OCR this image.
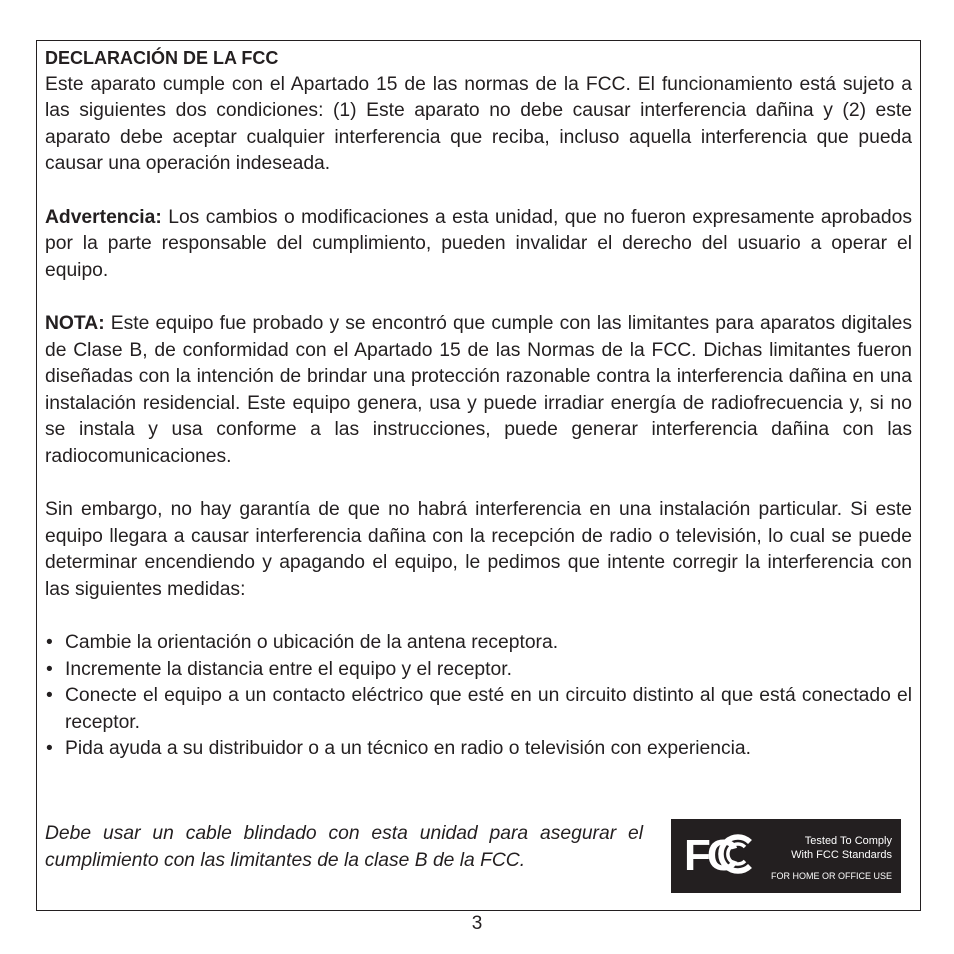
DECLARACIÓN DE LA FCC

Este aparato cumple con el Apartado 15 de las normas de la FCC. El funcionamiento está sujeto a las siguientes dos condiciones: (1) Este aparato no debe causar interferencia dañina y (2) este aparato debe aceptar cualquier interferencia que reciba, incluso aquella interferencia que pueda causar una operación indeseada.

Advertencia: Los cambios o modificaciones a esta unidad, que no fueron expresamente aprobados por la parte responsable del cumplimiento, pueden invalidar el derecho del usuario a operar el equipo.

NOTA: Este equipo fue probado y se encontró que cumple con las limitantes para aparatos digitales de Clase B, de conformidad con el Apartado 15 de las Normas de la FCC. Dichas limitantes fueron diseñadas con la intención de brindar una protección razonable contra la interferencia dañina en una instalación residencial. Este equipo genera, usa y puede irradiar energía de radiofrecuencia y, si no se instala y usa conforme a las instrucciones, puede generar interferencia dañina con las radiocomunicaciones.

Sin embargo, no hay garantía de que no habrá interferencia en una instalación particular. Si este equipo llegara a causar interferencia dañina con la recepción de radio o televisión, lo cual se puede determinar encendiendo y apagando el equipo, le pedimos que intente corregir la interferencia con las siguientes medidas:

• Cambie la orientación o ubicación de la antena receptora.
• Incremente la distancia entre el equipo y el receptor.
• Conecte el equipo a un contacto eléctrico que esté en un circuito distinto al que está conectado el receptor.
• Pida ayuda a su distribuidor o a un técnico en radio o televisión con experiencia.

Debe usar un cable blindado con esta unidad para asegurar el cumplimiento con las limitantes de la clase B de la FCC.	FC	Tested To Comply
With FCC Standards
FOR HOME OR OFFICE USE
3
